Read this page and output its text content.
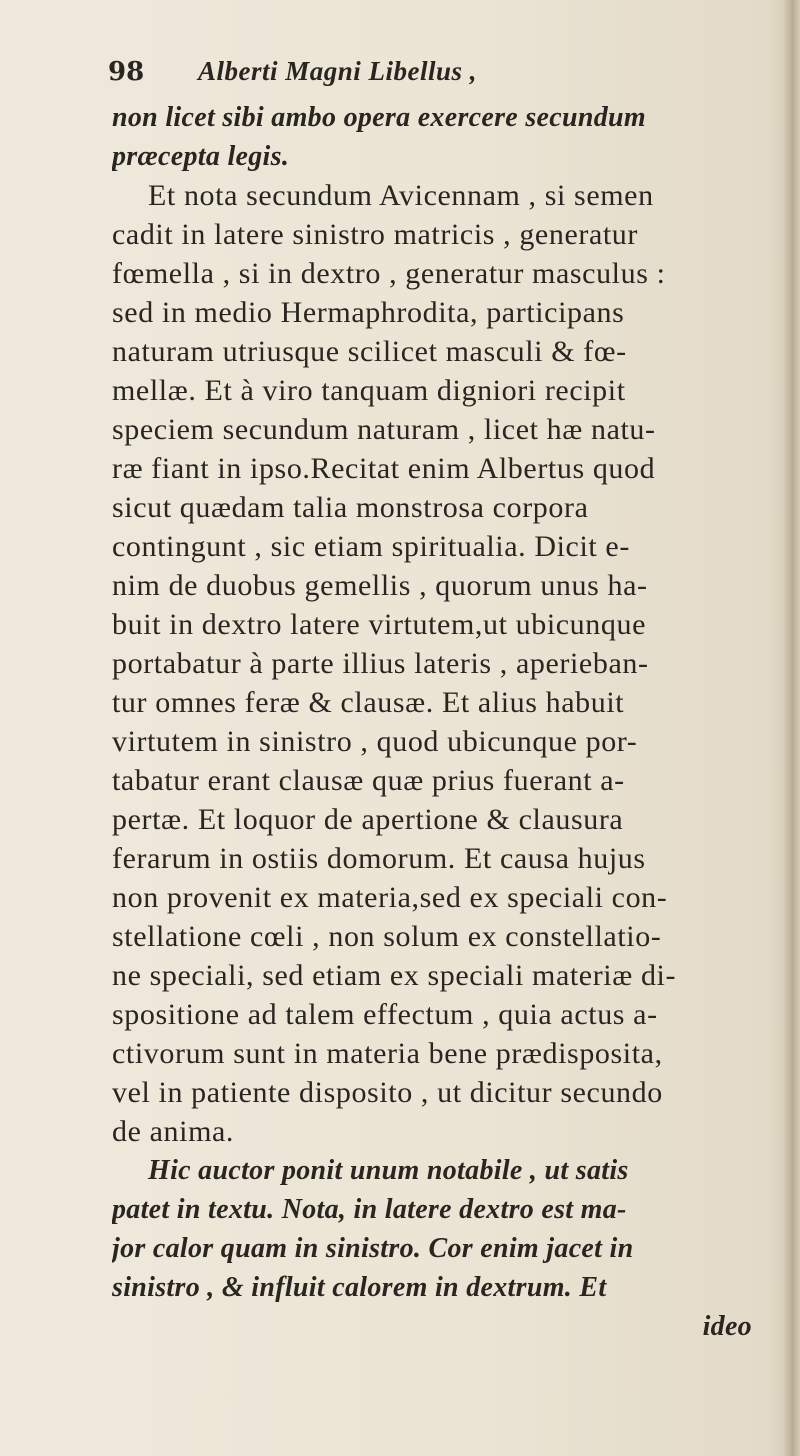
98	Alberti Magni Libellus ,
non licet sibi ambo opera exercere secundum
præcepta legis.
Et nota secundum Avicennam , si semen
cadit in latere sinistro matricis , generatur
fœmella , si in dextro , generatur masculus :
sed in medio Hermaphrodita, participans
naturam utriusque scilicet masculi & fœ-
mellæ. Et à viro tanquam digniori recipit
speciem secundum naturam , licet hæ natu-
ræ fiant in ipso.Recitat enim Albertus quod
sicut quædam talia monstrosa corpora
contingunt , sic etiam spiritualia. Dicit e-
nim de duobus gemellis , quorum unus ha-
buit in dextro latere virtutem,ut ubicunque
portabatur à parte illius lateris , aperieban-
tur omnes feræ & clausæ. Et alius habuit
virtutem in sinistro , quod ubicunque por-
tabatur erant clausæ quæ prius fuerant a-
pertæ. Et loquor de apertione & clausura
ferarum in ostiis domorum. Et causa hujus
non provenit ex materia,sed ex speciali con-
stellatione cœli , non solum ex constellatio-
ne speciali, sed etiam ex speciali materiæ di-
spositione ad talem effectum , quia actus a-
ctivorum sunt in materia bene prædisposita,
vel in patiente disposito , ut dicitur secundo
de anima.
Hic auctor ponit unum notabile , ut satis
patet in textu. Nota, in latere dextro est ma-
jor calor quam in sinistro. Cor enim jacet in
sinistro , & influit calorem in dextrum. Et
ideo
